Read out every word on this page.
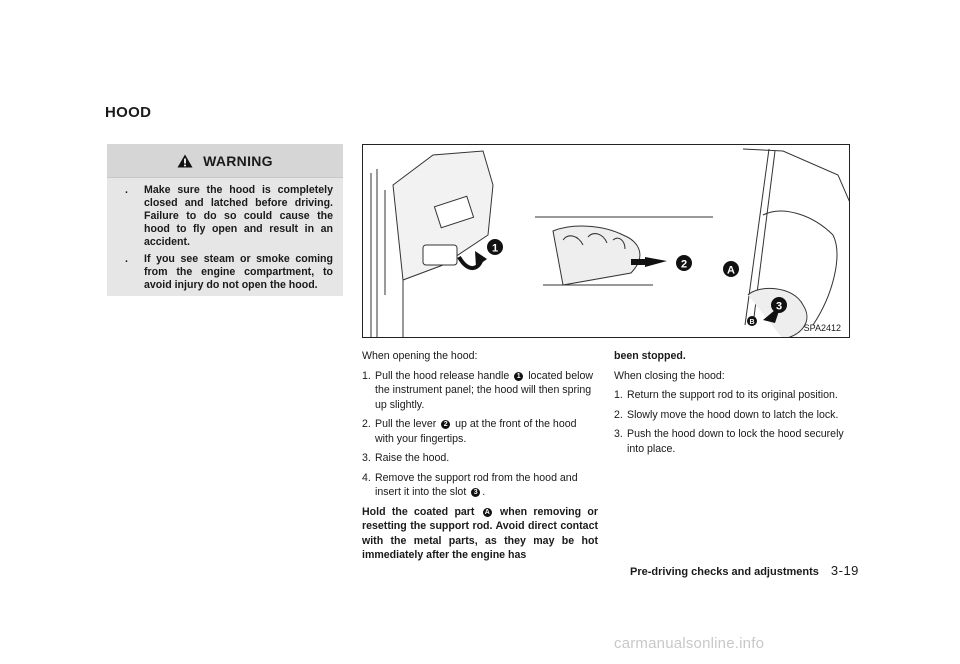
HOOD
WARNING
. Make sure the hood is completely closed and latched before driving. Failure to do so could cause the hood to fly open and result in an accident.
. If you see steam or smoke coming from the engine compartment, to avoid injury do not open the hood.
1
2	A
3
B
SPA2412

When opening the hood:

1. Pull the hood release handle 1 located below the instrument panel; the hood will then spring up slightly.
2. Pull the lever 2 up at the front of the hood with your fingertips.
3. Raise the hood.
4. Remove the support rod from the hood and insert it into the slot 3 .

Hold the coated part A when removing or resetting the support rod. Avoid direct contact with the metal parts, as they may be hot immediately after the engine has

been stopped.

When closing the hood:

1. Return the support rod to its original position.
2. Slowly move the hood down to latch the lock.
3. Push the hood down to lock the hood securely into place.
Pre-driving checks and adjustments 3-19
carmanualsonline.info
